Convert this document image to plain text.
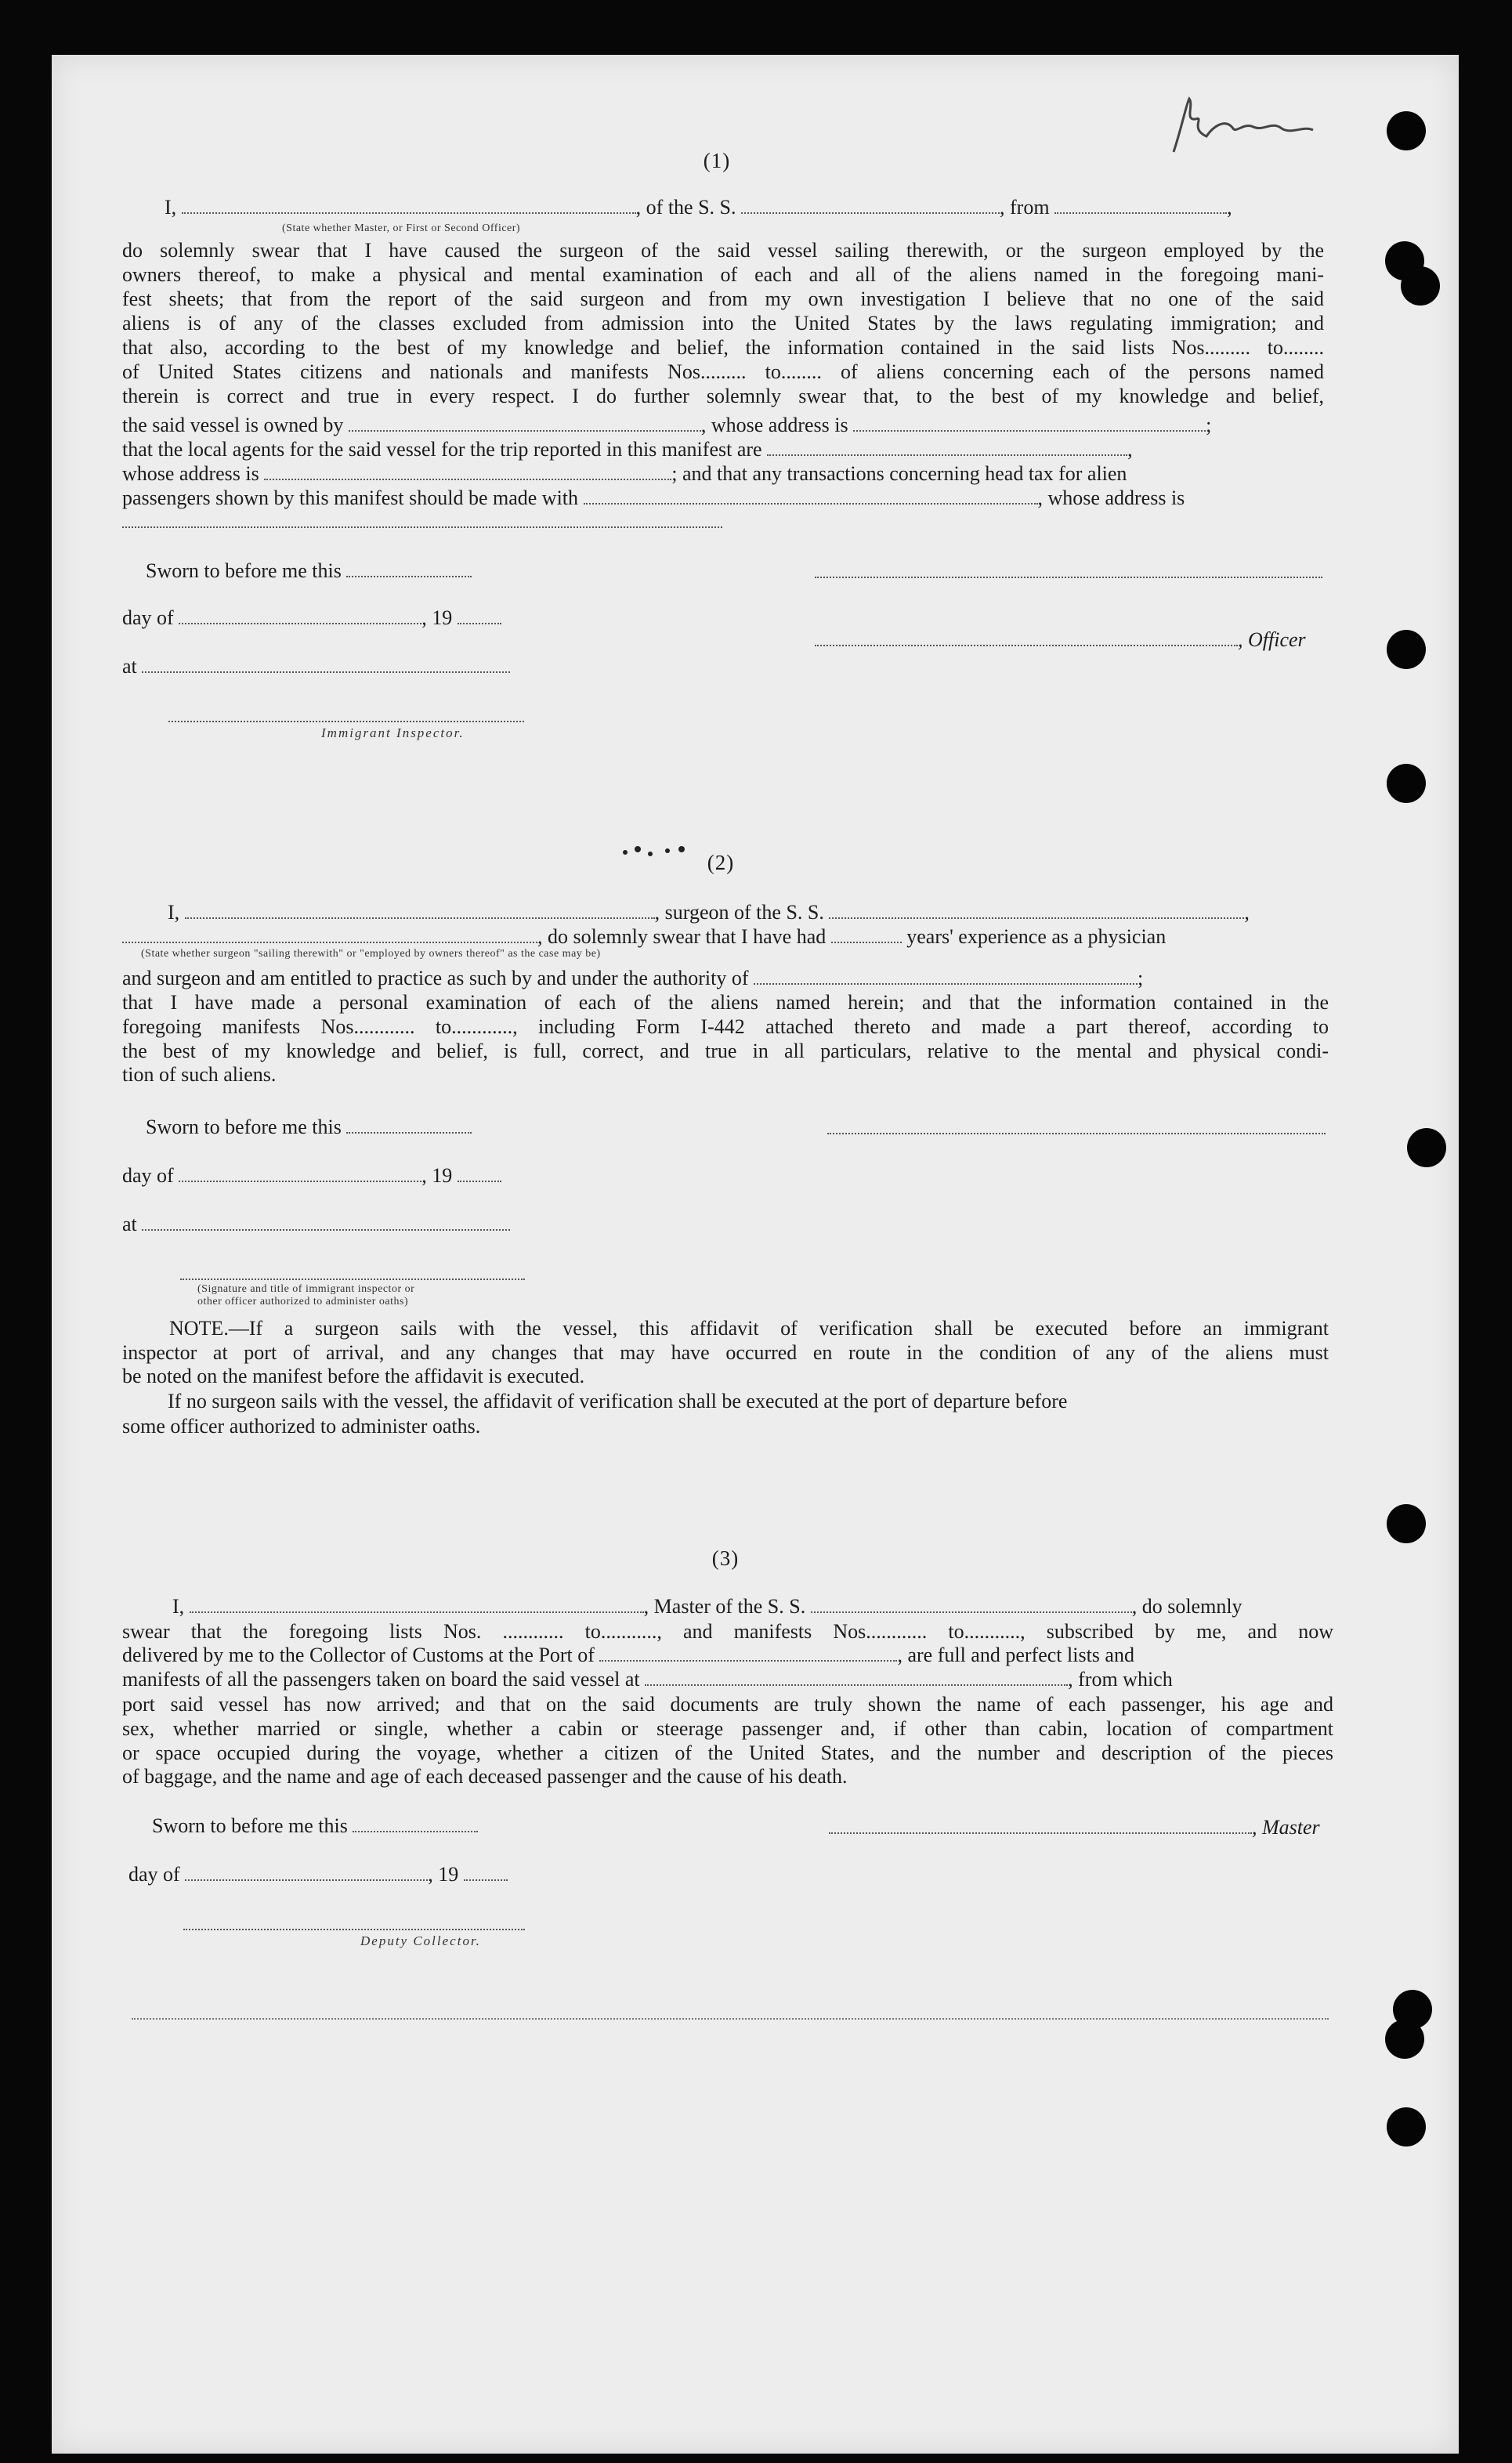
(1)
I,	, of the S. S.	, from	,
(State whether Master, or First or Second Officer)
do solemnly swear that I have caused the surgeon of the said vessel sailing therewith, or the surgeon employed by the
owners thereof, to make a physical and mental examination of each and all of the aliens named in the foregoing mani-
fest sheets; that from the report of the said surgeon and from my own investigation I believe that no one of the said
aliens is of any of the classes excluded from admission into the United States by the laws regulating immigration; and
that also, according to the best of my knowledge and belief, the information contained in the said lists Nos......... to........
of United States citizens and nationals and manifests Nos......... to........ of aliens concerning each of the persons named
therein is correct and true in every respect. I do further solemnly swear that, to the best of my knowledge and belief,
the said vessel is owned by	, whose address is	;
that the local agents for the said vessel for the trip reported in this manifest are	,
whose address is	; and that any transactions concerning head tax for alien
passengers shown by this manifest should be made with	, whose address is
Sworn to before me this
day of	, 19
, Officer
at
Immigrant Inspector.
(2)
I,	, surgeon of the S. S.	,
, do solemnly swear that I have had	years' experience as a physician
(State whether surgeon "sailing therewith" or "employed by owners thereof" as the case may be)
and surgeon and am entitled to practice as such by and under the authority of	;
that I have made a personal examination of each of the aliens named herein; and that the information contained in the
foregoing manifests Nos............ to............, including Form I-442 attached thereto and made a part thereof, according to
the best of my knowledge and belief, is full, correct, and true in all particulars, relative to the mental and physical condi-
tion of such aliens.
Sworn to before me this
day of	, 19
at
(Signature and title of immigrant inspector or
other officer authorized to administer oaths)
NOTE.—If a surgeon sails with the vessel, this affidavit of verification shall be executed before an immigrant
inspector at port of arrival, and any changes that may have occurred en route in the condition of any of the aliens must
be noted on the manifest before the affidavit is executed.
If no surgeon sails with the vessel, the affidavit of verification shall be executed at the port of departure before
some officer authorized to administer oaths.
(3)
I,	, Master of the S. S.	, do solemnly
swear that the foregoing lists Nos. ............ to..........., and manifests Nos............ to..........., subscribed by me, and now
delivered by me to the Collector of Customs at the Port of	, are full and perfect lists and
manifests of all the passengers taken on board the said vessel at	, from which
port said vessel has now arrived; and that on the said documents are truly shown the name of each passenger, his age and
sex, whether married or single, whether a cabin or steerage passenger and, if other than cabin, location of compartment
or space occupied during the voyage, whether a citizen of the United States, and the number and description of the pieces
of baggage, and the name and age of each deceased passenger and the cause of his death.
Sworn to before me this	, Master
day of	, 19
Deputy Collector.
